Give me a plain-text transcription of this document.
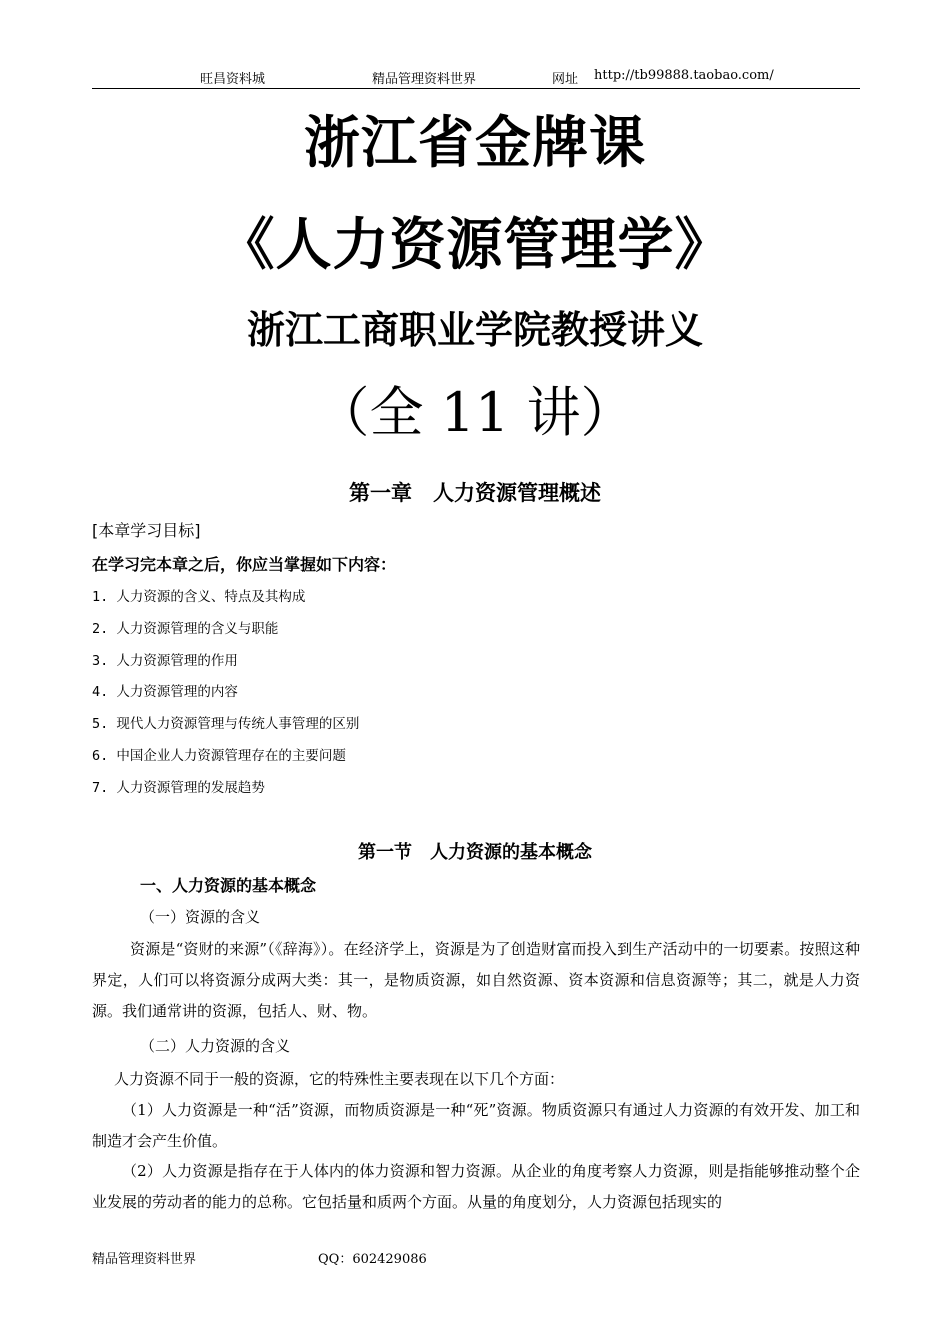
旺昌资料城	精品管理资料世界	网址 http://tb99888.taobao.com/
浙江省金牌课
《人力资源管理学》
浙江工商职业学院教授讲义
（全 11 讲）
第一章　人力资源管理概述
[本章学习目标]
在学习完本章之后，你应当掌握如下内容：
1. 人力资源的含义、特点及其构成
2. 人力资源管理的含义与职能
3. 人力资源管理的作用
4. 人力资源管理的内容
5. 现代人力资源管理与传统人事管理的区别
6. 中国企业人力资源管理存在的主要问题
7. 人力资源管理的发展趋势
第一节　人力资源的基本概念
一、人力资源的基本概念
（一）资源的含义
资源是“资财的来源”（《辞海》）。在经济学上，资源是为了创造财富而投入到生产活动中的一切要素。按照这种界定，人们可以将资源分成两大类：其一，是物质资源，如自然资源、资本资源和信息资源等；其二，就是人力资源。我们通常讲的资源，包括人、财、物。
（二）人力资源的含义
人力资源不同于一般的资源，它的特殊性主要表现在以下几个方面：
（1）人力资源是一种“活”资源，而物质资源是一种“死”资源。物质资源只有通过人力资源的有效开发、加工和制造才会产生价值。
（2）人力资源是指存在于人体内的体力资源和智力资源。从企业的角度考察人力资源，则是指能够推动整个企业发展的劳动者的能力的总称。它包括量和质两个方面。从量的角度划分，人力资源包括现实的
精品管理资料世界	QQ：602429086
